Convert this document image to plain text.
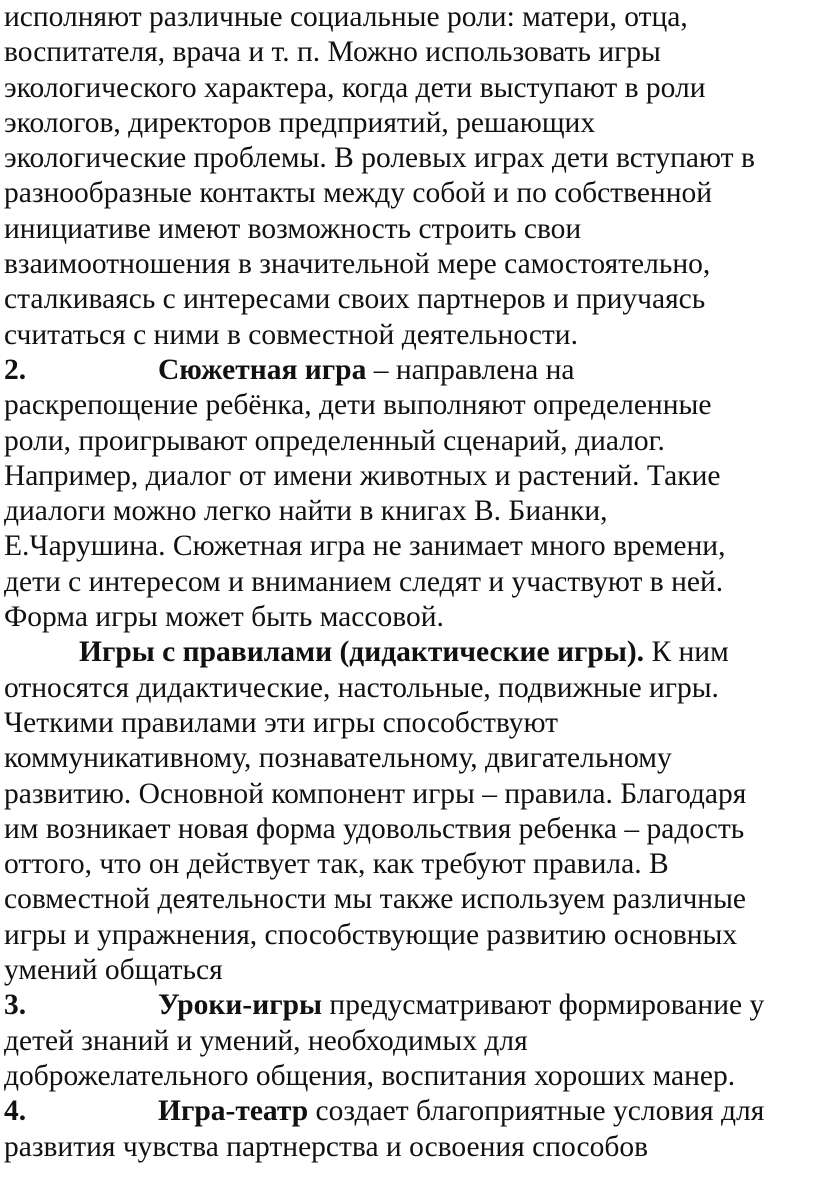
исполняют различные социальные роли: матери, отца,
воспитателя, врача и т. п. Можно использовать игры
экологического характера, когда дети выступают в роли
экологов, директоров предприятий, решающих
экологические проблемы. В ролевых играх дети вступают в
разнообразные контакты между собой и по собственной
инициативе имеют возможность строить свои
взаимоотношения в значительной мере самостоятельно,
сталкиваясь с интересами своих партнеров и приучаясь
считаться с ними в совместной деятельности.
2.	Сюжетная игра – направлена на
раскрепощение ребёнка, дети выполняют определенные
роли, проигрывают определенный сценарий, диалог.
Например, диалог от имени животных и растений. Такие
диалоги можно легко найти в книгах В. Бианки,
Е.Чарушина. Сюжетная игра не занимает много времени,
дети с интересом и вниманием следят и участвуют в ней.
Форма игры может быть массовой.
Игры с правилами (дидактические игры). К ним
относятся дидактические, настольные, подвижные игры.
Четкими правилами эти игры способствуют
коммуникативному, познавательному, двигательному
развитию. Основной компонент игры – правила. Благодаря
им возникает новая форма удовольствия ребенка – радость
оттого, что он действует так, как требуют правила. В
совместной деятельности мы также используем различные
игры и упражнения, способствующие развитию основных
умений общаться
3.	Уроки-игры предусматривают формирование у
детей знаний и умений, необходимых для
доброжелательного общения, воспитания хороших манер.
4.	Игра-театр создает благоприятные условия для
развития чувства партнерства и освоения способов
